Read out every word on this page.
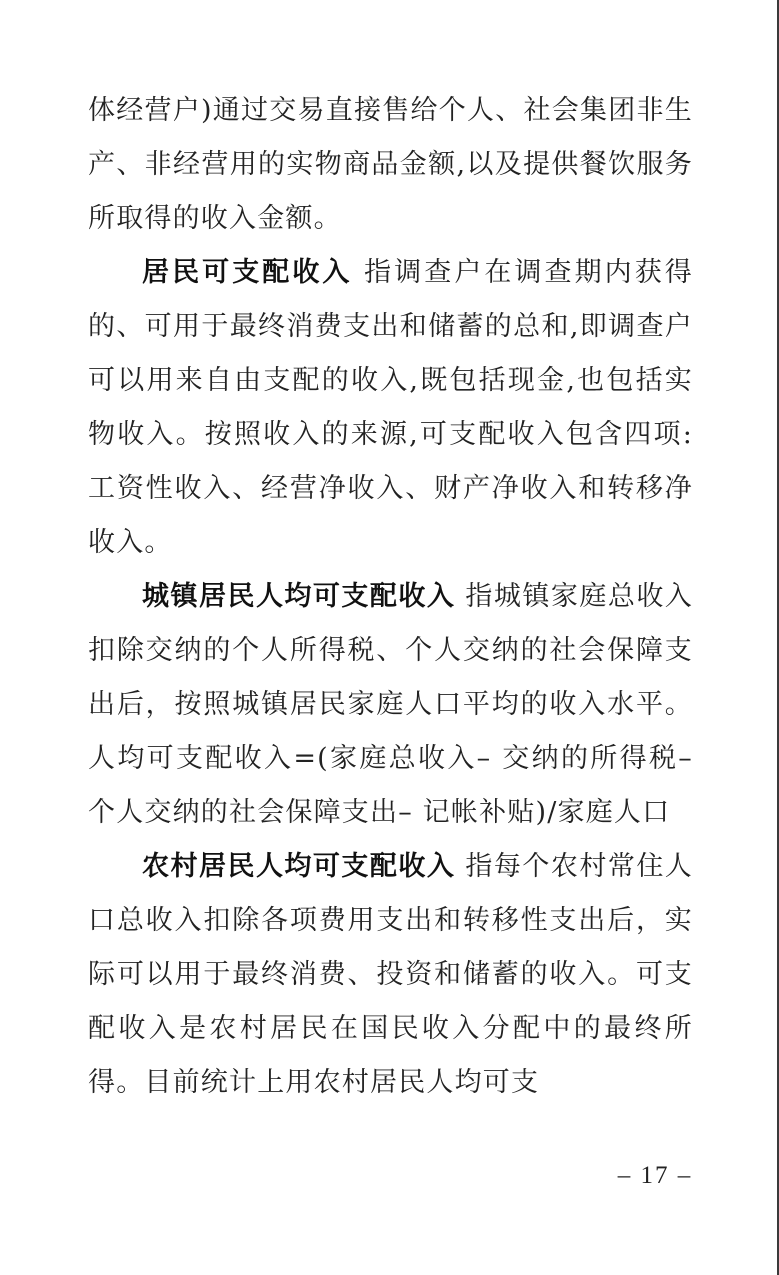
体经营户)通过交易直接售给个人、社会集团非生产、非经营用的实物商品金额,以及提供餐饮服务所取得的收入金额。

居民可支配收入 指调查户在调查期内获得的、可用于最终消费支出和储蓄的总和,即调查户可以用来自由支配的收入,既包括现金,也包括实物收入。按照收入的来源,可支配收入包含四项:工资性收入、经营净收入、财产净收入和转移净收入。

城镇居民人均可支配收入 指城镇家庭总收入扣除交纳的个人所得税、个人交纳的社会保障支出后，按照城镇居民家庭人口平均的收入水平。人均可支配收入=(家庭总收入– 交纳的所得税– 个人交纳的社会保障支出– 记帐补贴)/家庭人口

农村居民人均可支配收入 指每个农村常住人口总收入扣除各项费用支出和转移性支出后，实际可以用于最终消费、投资和储蓄的收入。可支配收入是农村居民在国民收入分配中的最终所得。目前统计上用农村居民人均可支

– 17 –
